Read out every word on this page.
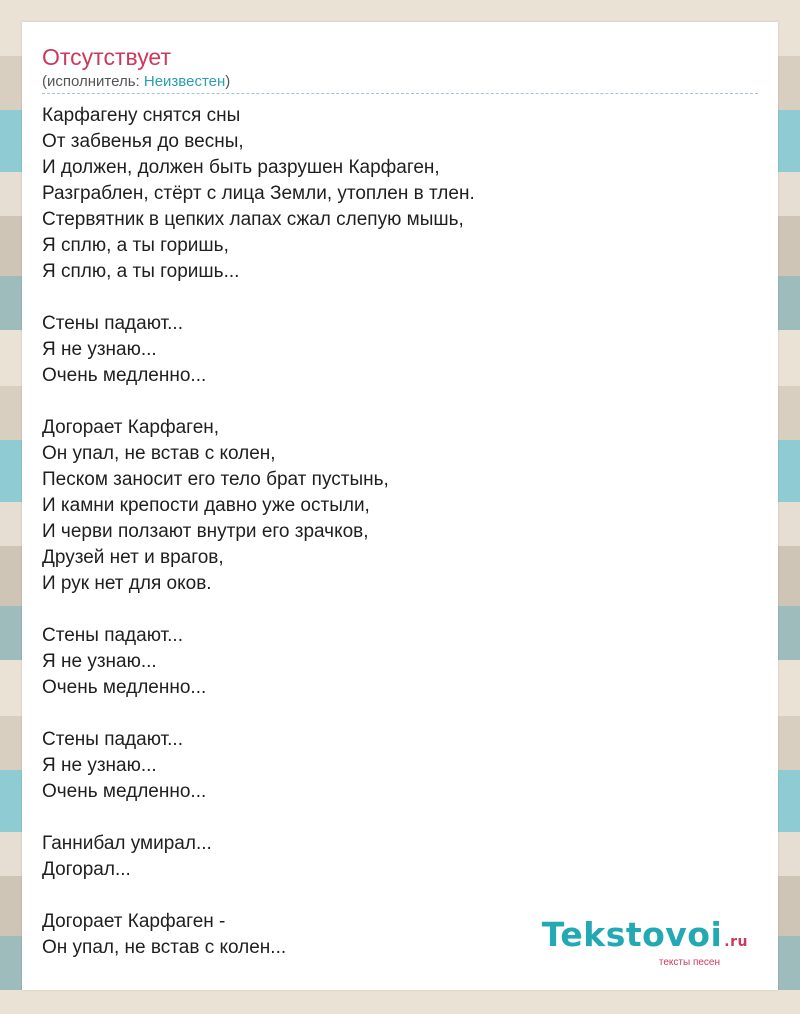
Отсутствует
(исполнитель: Неизвестен)
Карфагену снятся сны
От забвенья до весны,
И должен, должен быть разрушен Карфаген,
Разграблен, стёрт с лица Земли, утоплен в тлен.
Стервятник в цепких лапах сжал слепую мышь,
Я сплю, а ты горишь,
Я сплю, а ты горишь...
Стены падают...
Я не узнаю...
Очень медленно...
Догорает Карфаген,
Он упал, не встав с колен,
Песком заносит его тело брат пустынь,
И камни крепости давно уже остыли,
И черви ползают внутри его зрачков,
Друзей нет и врагов,
И рук нет для оков.
Стены падают...
Я не узнаю...
Очень медленно...
Стены падают...
Я не узнаю...
Очень медленно...
Ганнибал умирал...
Догорал...
Догорает Карфаген -
Он упал, не встав с колен...	Tekstovoi .ru
тексты песен
